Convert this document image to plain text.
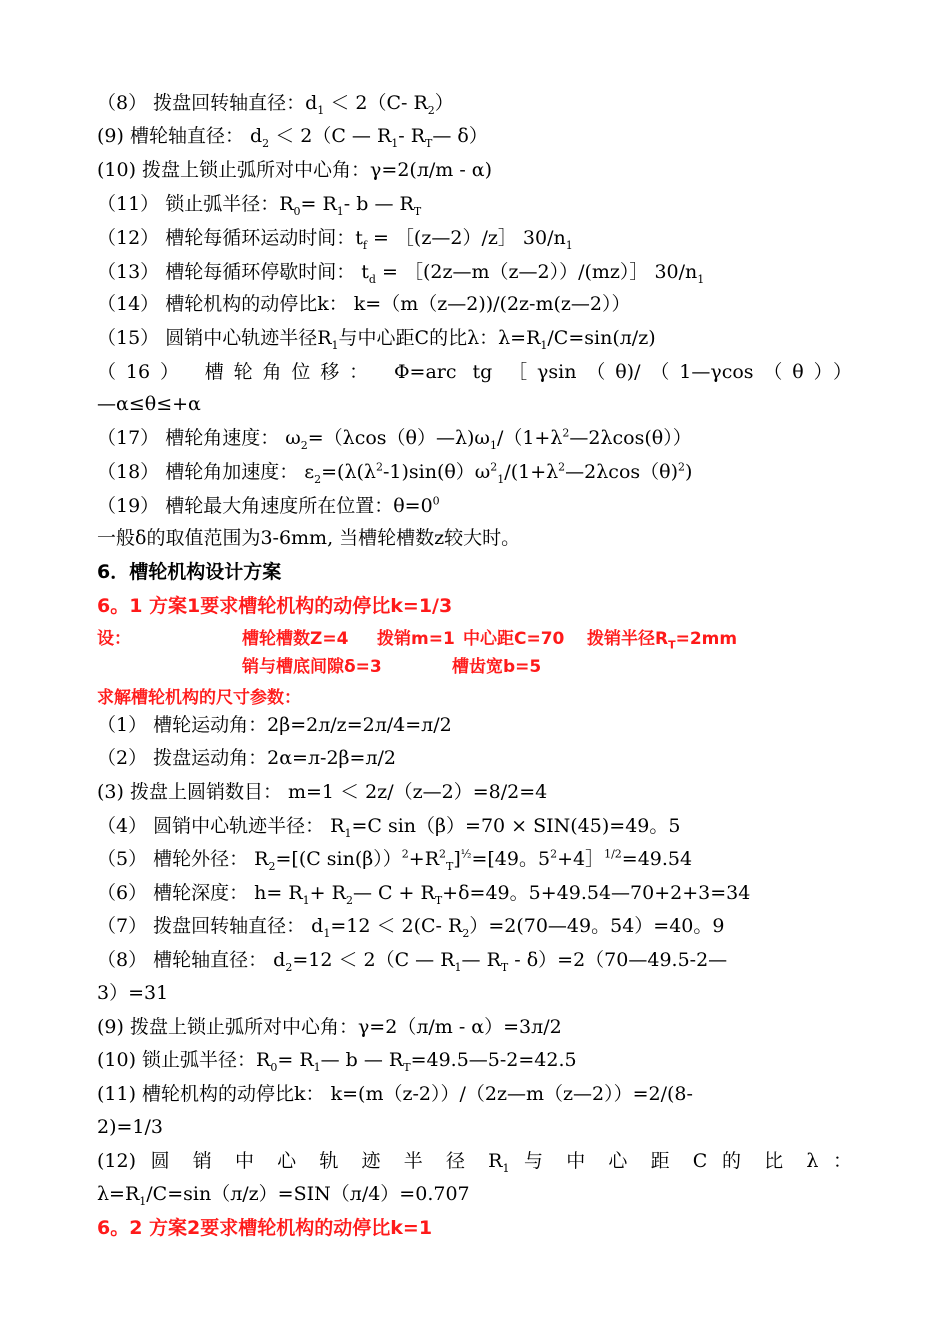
（8） 拨盘回转轴直径：$d_1 < 2(C-$ $R_2$）
(9) 槽轮轴直径： $d_2 < 2(C$ — $R_1-$ $R_T—$ δ）
(10) 拨盘上锁止弧所对中心角：γ=2(л/m - α)
（11） 锁止弧半径：$R_0= R_1-$ b — $R_T$
（12） 槽轮每循环运动时间：$t_f$ = ［(z—2）/z］ $30/n_1$
（13） 槽轮每循环停歇时间： $t_d$ = ［(2z—m（z—2））/(mz）］ $30/n_1$
（14） 槽轮机构的动停比k： k=（m（z—2))/(2z-m(z—2））
（15） 圆销中心轨迹半径$R_1$与中心距C的比λ：$\lambda=R_1/C=\sin(л/z)$
（16） 槽轮角位移： Φ=arc tg ［γsin（θ)/（1—γcos（θ））
—α≤θ≤+α
（17） 槽轮角速度： $\omega_2=(\lambda\cos(\theta)—\lambda)\omega_1/(1+\lambda^2—2\lambda\cos(\theta))$
（18） 槽轮角加速度： $\varepsilon_2=(\lambda(\lambda^2-1)\sin(\theta)\omega^2_1/(1+\lambda^2—2\lambda\cos(\theta)^2)$
（19） 槽轮最大角速度所在位置：$\theta=0^0$
一般δ的取值范围为3-6mm, 当槽轮槽数z较大时。
6．槽轮机构设计方案
6。1 方案1要求槽轮机构的动停比k=1/3
设：	槽轮槽数Z=4 拨销m=1 中心距C=70 拨销半径$R_T=2mm$
销与槽底间隙δ=3	槽齿宽b=5
求解槽轮机构的尺寸参数：
（1） 槽轮运动角：2β=2л/z=2л/4=л/2
（2） 拨盘运动角：2α=л-2β=л/2
(3) 拨盘上圆销数目： m=1 ＜ 2z/（z—2）=8/2=4
（4） 圆销中心轨迹半径： $R_1=C$ sin（β）=70 × SIN(45)=49。5
（5） 槽轮外径： $R_2=[(C$ $\sin(\beta))^2+R^2_T]^{\frac{1}{2}}=[49$。$5^2+4]^{1/2}=49.54$
（6） 槽轮深度： $h= R_1+$ $R_2—$ $C + R_T+\delta=49$。5+49.54—70+2+3=34
（7） 拨盘回转轴直径： $d_1=12 < 2(C-$ $R_2)=2(70—49$。54）=40。9
（8） 槽轮轴直径： $d_2=12 < 2(C$ — $R_1—$ $R_T$ - δ）=2（70—49.5-2—
3）=31
(9) 拨盘上锁止弧所对中心角：γ=2（л/m - α）=3л/2
(10) 锁止弧半径：$R_0=$ $R_1—$ b — $R_T=49.5—5-2=42.5$
(11) 槽轮机构的动停比k： k=(m（z-2））/（2z—m（z—2））=2/(8-
2)=1/3
(12) 圆 销 中 心 轨 迹 半 径 $R_1$ 与 中 心 距 C 的 比 λ ：
$\lambda=R_1/C=\sin(л/z)=SIN(л/4)=0.707$
6。2 方案2要求槽轮机构的动停比k=1
